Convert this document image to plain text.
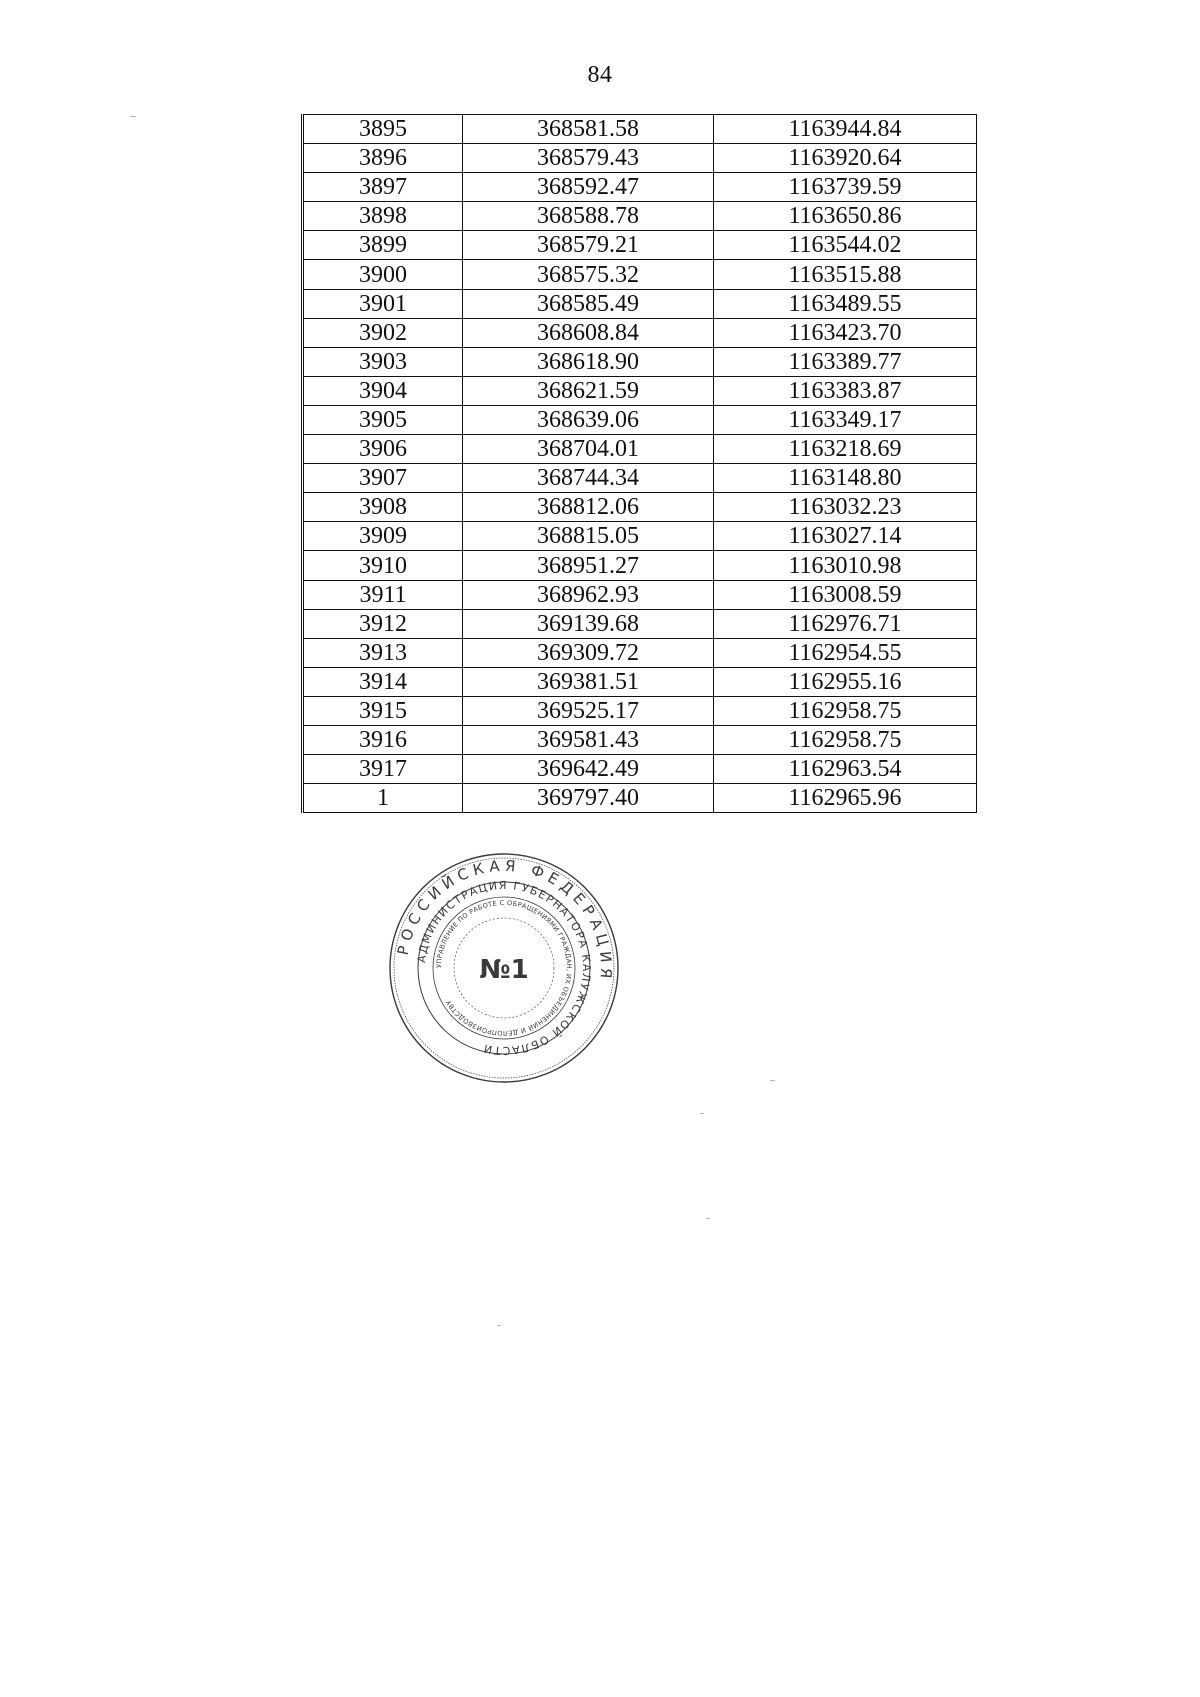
84
3895	368581.58	1163944.84
3896	368579.43	1163920.64
3897	368592.47	1163739.59
3898	368588.78	1163650.86
3899	368579.21	1163544.02
3900	368575.32	1163515.88
3901	368585.49	1163489.55
3902	368608.84	1163423.70
3903	368618.90	1163389.77
3904	368621.59	1163383.87
3905	368639.06	1163349.17
3906	368704.01	1163218.69
3907	368744.34	1163148.80
3908	368812.06	1163032.23
3909	368815.05	1163027.14
3910	368951.27	1163010.98
3911	368962.93	1163008.59
3912	369139.68	1162976.71
3913	369309.72	1162954.55
3914	369381.51	1162955.16
3915	369525.17	1162958.75
3916	369581.43	1162958.75
3917	369642.49	1162963.54
1	369797.40	1162965.96
РОССИЙСКАЯ ФЕДЕРАЦИЯ
АДМИНИСТРАЦИЯ ГУБЕРНАТОРА КАЛУЖСКОЙ ОБЛАСТИ
УПРАВЛЕНИЕ ПО РАБОТЕ С ОБРАЩЕНИЯМИ ГРАЖДАН, ИХ ОБЪЕДИНЕНИЙ И ДЕЛОПРОИЗВОДСТВУ
№1
